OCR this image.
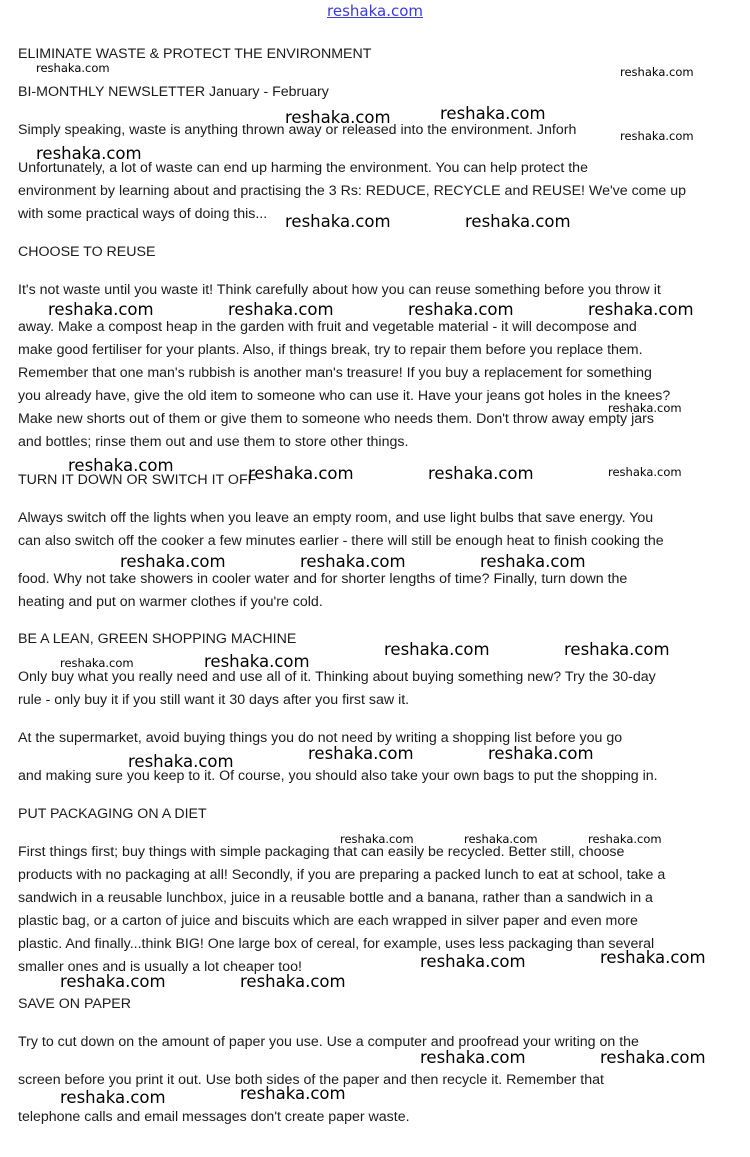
reshaka.com
ELIMINATE WASTE & PROTECT THE ENVIRONMENT
BI-MONTHLY NEWSLETTER January - February
Simply speaking, waste is anything thrown away or released into the environment. Jnforh
Unfortunately, a lot of waste can end up harming the environment. You can help protect the
environment by learning about and practising the 3 Rs: REDUCE, RECYCLE and REUSE! We've come up
with some practical ways of doing this...
CHOOSE TO REUSE
It's not waste until you waste it! Think carefully about how you can reuse something before you throw it
away. Make a compost heap in the garden with fruit and vegetable material - it will decompose and
make good fertiliser for your plants. Also, if things break, try to repair them before you replace them.
Remember that one man's rubbish is another man's treasure! If you buy a replacement for something
you already have, give the old item to someone who can use it. Have your jeans got holes in the knees?
Make new shorts out of them or give them to someone who needs them. Don't throw away empty jars
and bottles; rinse them out and use them to store other things.
TURN IT DOWN OR SWITCH IT OFF
Always switch off the lights when you leave an empty room, and use light bulbs that save energy. You
can also switch off the cooker a few minutes earlier - there will still be enough heat to finish cooking the
food. Why not take showers in cooler water and for shorter lengths of time? Finally, turn down the
heating and put on warmer clothes if you're cold.
BE A LEAN, GREEN SHOPPING MACHINE
Only buy what you really need and use all of it. Thinking about buying something new? Try the 30-day
rule - only buy it if you still want it 30 days after you first saw it.
At the supermarket, avoid buying things you do not need by writing a shopping list before you go
and making sure you keep to it. Of course, you should also take your own bags to put the shopping in.
PUT PACKAGING ON A DIET
First things first; buy things with simple packaging that can easily be recycled. Better still, choose
products with no packaging at all! Secondly, if you are preparing a packed lunch to eat at school, take a
sandwich in a reusable lunchbox, juice in a reusable bottle and a banana, rather than a sandwich in a
plastic bag, or a carton of juice and biscuits which are each wrapped in silver paper and even more
plastic. And finally...think BIG! One large box of cereal, for example, uses less packaging than several
smaller ones and is usually a lot cheaper too!
SAVE ON PAPER
Try to cut down on the amount of paper you use. Use a computer and proofread your writing on the
screen before you print it out. Use both sides of the paper and then recycle it. Remember that
telephone calls and email messages don't create paper waste.
reshaka.com	reshaka.com
reshaka.com
reshaka.com	reshaka.com
reshaka.com
reshaka.com	reshaka.com
reshaka.com	reshaka.com	reshaka.com	reshaka.com
reshaka.com
reshaka.com	reshaka.com	reshaka.com	reshaka.com
reshaka.com	reshaka.com	reshaka.com
reshaka.com	reshaka.com
reshaka.com	reshaka.com
reshaka.com	reshaka.com
reshaka.com
reshaka.com	reshaka.com	reshaka.com
reshaka.com	reshaka.com
reshaka.com	reshaka.com
reshaka.com	reshaka.com
reshaka.com	reshaka.com
